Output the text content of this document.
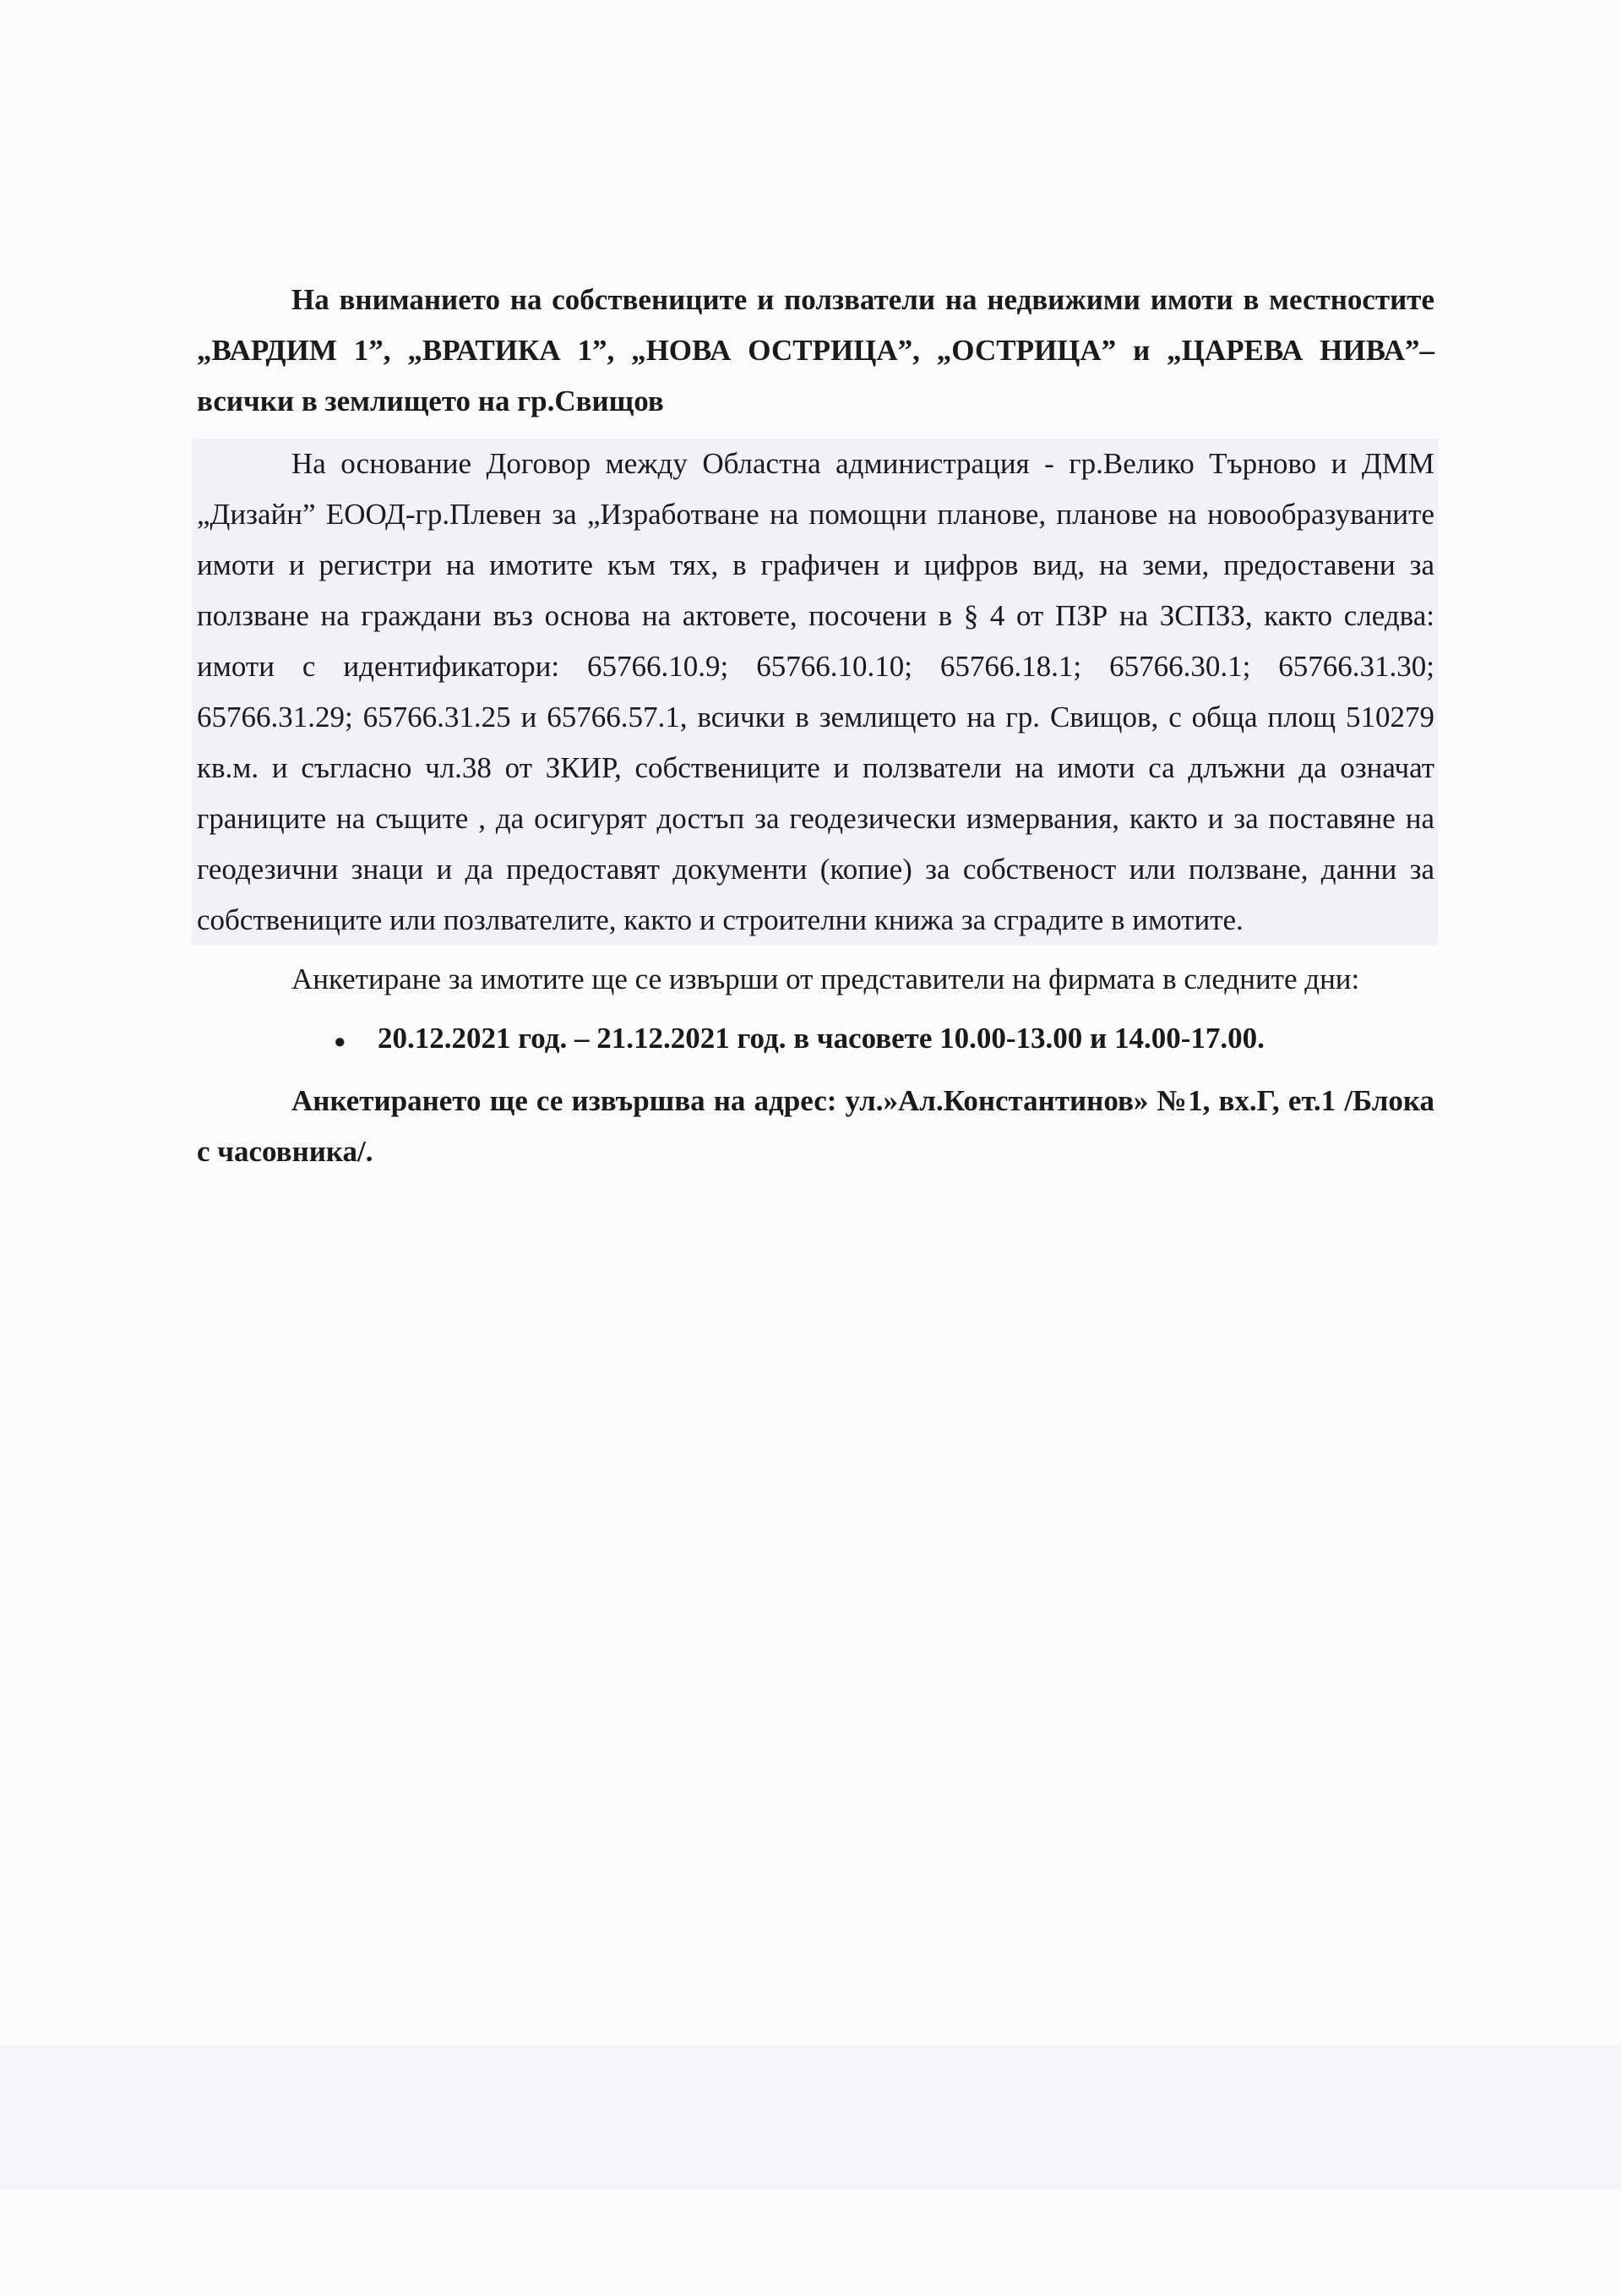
На вниманието на собствениците и ползватели на недвижими имоти в местностите „ВАРДИМ 1”, „ВРАТИКА 1”, „НОВА ОСТРИЦА”, „ОСТРИЦА” и „ЦАРЕВА НИВА”– всички в землището на гр.Свищов

На основание Договор между Областна администрация - гр.Велико Търново и ДММ „Дизайн” ЕООД-гр.Плевен за „Изработване на помощни планове, планове на новообразуваните имоти и регистри на имотите към тях, в графичен и цифров вид, на земи, предоставени за ползване на граждани въз основа на актовете, посочени в § 4 от ПЗР на ЗСПЗЗ, както следва: имоти с идентификатори: 65766.10.9; 65766.10.10; 65766.18.1; 65766.30.1; 65766.31.30; 65766.31.29; 65766.31.25 и 65766.57.1, всички в землището на гр. Свищов, с обща площ 510279 кв.м. и съгласно чл.38 от ЗКИР, собствениците и ползватели на имоти са длъжни да означат границите на същите , да осигурят достъп за геодезически измервания, както и за поставяне на геодезични знаци и да предоставят документи (копие) за собственост или ползване, данни за собствениците или позлвателите, както и строителни книжа за сградите в имотите.

Анкетиране за имотите ще се извърши от представители на фирмата в следните дни:

● 20.12.2021 год. – 21.12.2021 год. в часовете 10.00-13.00 и 14.00-17.00.

Анкетирането ще се извършва на адрес: ул.»Ал.Константинов» №1, вх.Г, ет.1 /Блока с часовника/.
